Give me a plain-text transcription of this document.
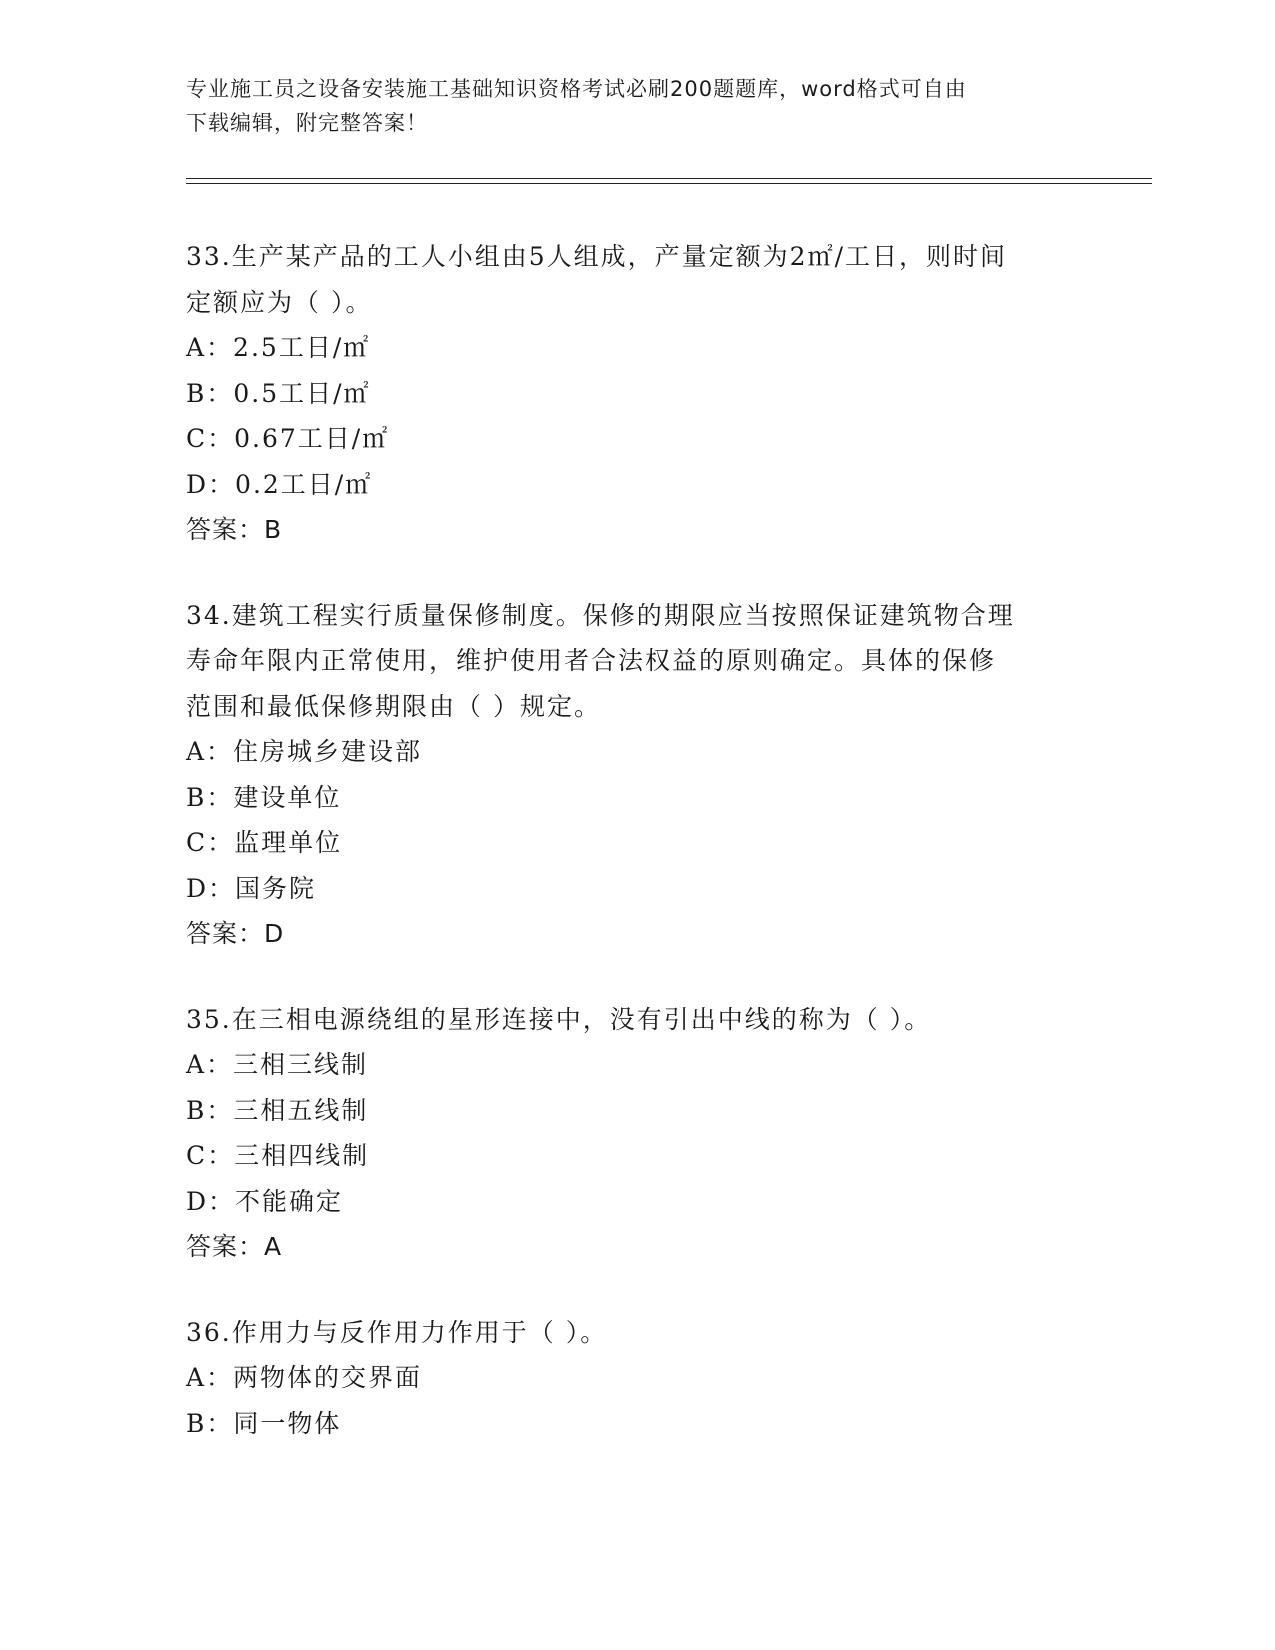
专业施工员之设备安装施工基础知识资格考试必刷200题题库，word格式可自由
下载编辑，附完整答案！
33.生产某产品的工人小组由5人组成，产量定额为2㎡/工日，则时间
定额应为（ ）。
A：2.5工日/㎡
B：0.5工日/㎡
C：0.67工日/㎡
D：0.2工日/㎡
答案：B
34.建筑工程实行质量保修制度。保修的期限应当按照保证建筑物合理
寿命年限内正常使用，维护使用者合法权益的原则确定。具体的保修
范围和最低保修期限由（ ）规定。
A：住房城乡建设部
B：建设单位
C：监理单位
D：国务院
答案：D
35.在三相电源绕组的星形连接中，没有引出中线的称为（ ）。
A：三相三线制
B：三相五线制
C：三相四线制
D：不能确定
答案：A
36.作用力与反作用力作用于（ ）。
A：两物体的交界面
B：同一物体
